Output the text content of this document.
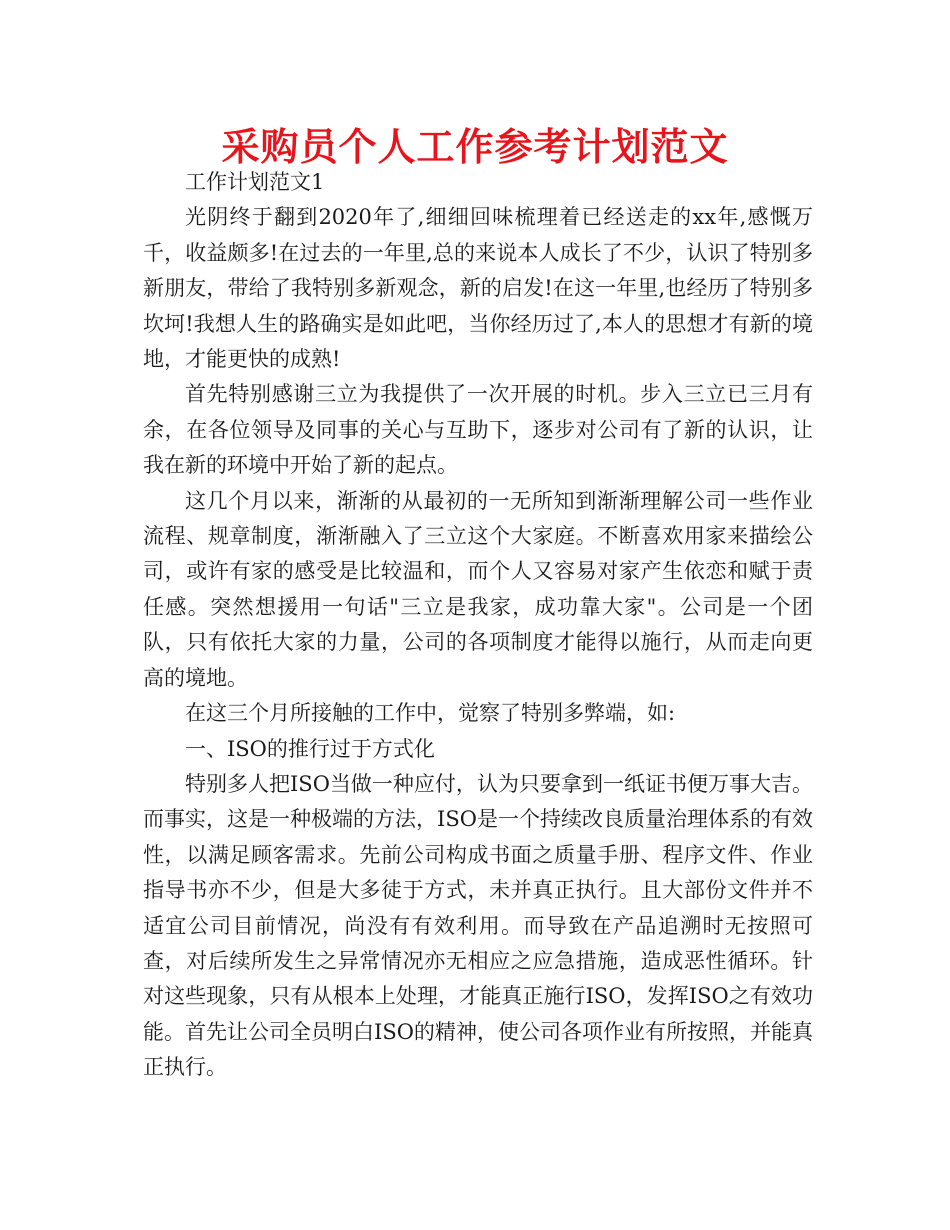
采购员个人工作参考计划范文

工作计划范文1

光阴终于翻到2020年了,细细回味梳理着已经送走的xx年,感慨万千，收益颇多!在过去的一年里,总的来说本人成长了不少，认识了特别多新朋友，带给了我特别多新观念，新的启发!在这一年里,也经历了特别多坎坷!我想人生的路确实是如此吧，当你经历过了,本人的思想才有新的境地，才能更快的成熟!

首先特别感谢三立为我提供了一次开展的时机。步入三立已三月有余，在各位领导及同事的关心与互助下，逐步对公司有了新的认识，让我在新的环境中开始了新的起点。

这几个月以来，渐渐的从最初的一无所知到渐渐理解公司一些作业流程、规章制度，渐渐融入了三立这个大家庭。不断喜欢用家来描绘公司，或许有家的感受是比较温和，而个人又容易对家产生依恋和赋于责任感。突然想援用一句话"三立是我家，成功靠大家"。公司是一个团队，只有依托大家的力量，公司的各项制度才能得以施行，从而走向更高的境地。

在这三个月所接触的工作中，觉察了特别多弊端，如:

一、ISO的推行过于方式化

特别多人把ISO当做一种应付，认为只要拿到一纸证书便万事大吉。而事实，这是一种极端的方法，ISO是一个持续改良质量治理体系的有效性，以满足顾客需求。先前公司构成书面之质量手册、程序文件、作业指导书亦不少，但是大多徒于方式，未并真正执行。且大部份文件并不适宜公司目前情况，尚没有有效利用。而导致在产品追溯时无按照可查，对后续所发生之异常情况亦无相应之应急措施，造成恶性循环。针对这些现象，只有从根本上处理，才能真正施行ISO，发挥ISO之有效功能。首先让公司全员明白ISO的精神，使公司各项作业有所按照，并能真正执行。
